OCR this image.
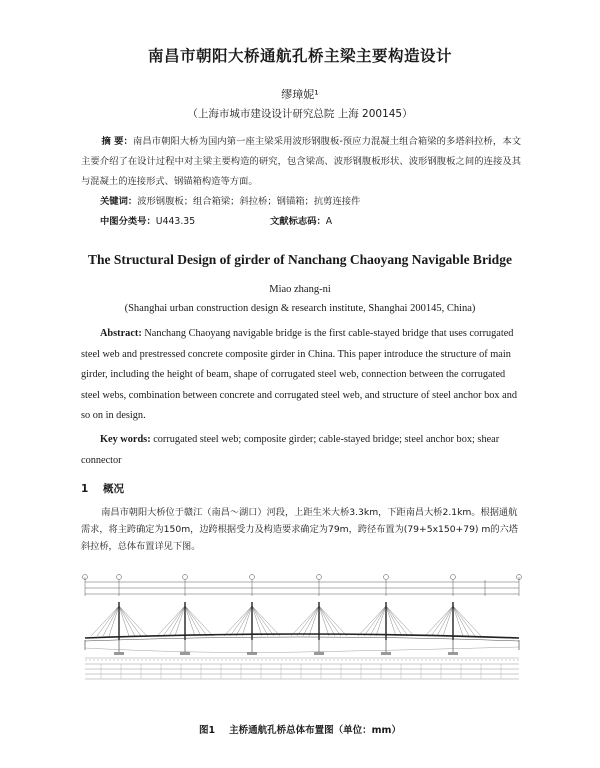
南昌市朝阳大桥通航孔桥主梁主要构造设计
缪璋妮¹
（上海市城市建设设计研究总院 上海 200145）
摘 要：南昌市朝阳大桥为国内第一座主梁采用波形钢腹板-预应力混凝土组合箱梁的多塔斜拉桥，本文主要介绍了在设计过程中对主梁主要构造的研究，包含梁高、波形钢腹板形状、波形钢腹板之间的连接及其与混凝土的连接形式、钢锚箱构造等方面。
关键词：波形钢腹板；组合箱梁；斜拉桥；钢锚箱；抗剪连接件
中图分类号：U443.35	文献标志码：A
The Structural Design of girder of Nanchang Chaoyang Navigable Bridge
Miao zhang-ni
(Shanghai urban construction design & research institute, Shanghai 200145, China)
Abstract: Nanchang Chaoyang navigable bridge is the first cable-stayed bridge that uses corrugated steel web and prestressed concrete composite girder in China. This paper introduce the structure of main girder, including the height of beam, shape of corrugated steel web, connection between the corrugated steel webs, combination between concrete and corrugated steel web, and structure of steel anchor box and so on in design.
Key words: corrugated steel web; composite girder; cable-stayed bridge; steel anchor box; shear connector
1 概况
南昌市朝阳大桥位于赣江（南昌～湖口）河段，上距生米大桥3.3km，下距南昌大桥2.1km。根据通航需求，将主跨确定为150m，边跨根据受力及构造要求确定为79m，跨径布置为(79+5x150+79) m的六塔斜拉桥，总体布置详见下图。
图1 主桥通航孔桥总体布置图（单位：mm）
